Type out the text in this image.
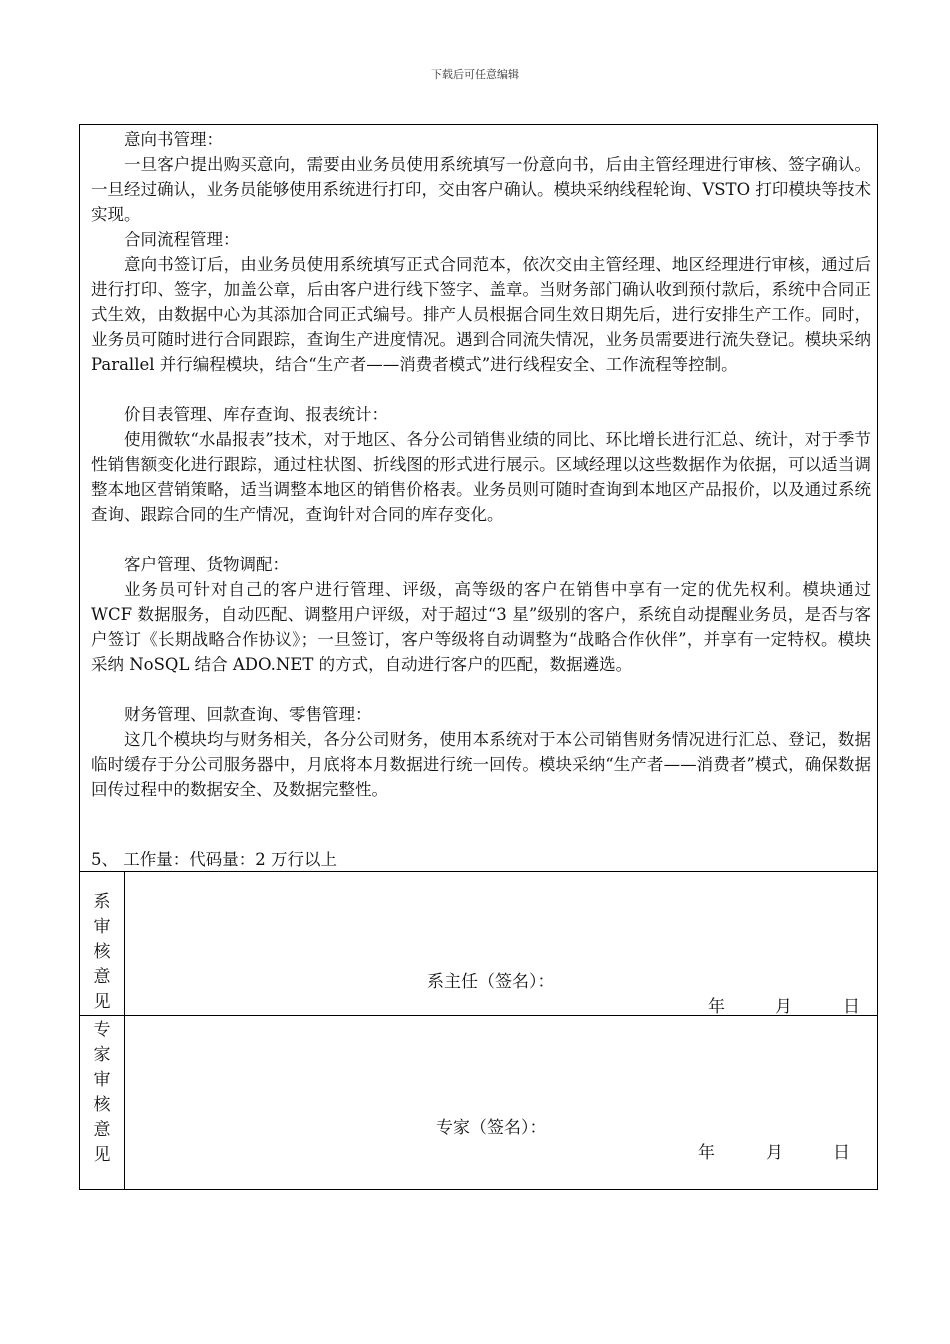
下载后可任意编辑

意向书管理：

一旦客户提出购买意向，需要由业务员使用系统填写一份意向书，后由主管经理进行审核、签字确认。一旦经过确认，业务员能够使用系统进行打印，交由客户确认。模块采纳线程轮询、VSTO 打印模块等技术实现。

合同流程管理：

意向书签订后，由业务员使用系统填写正式合同范本，依次交由主管经理、地区经理进行审核，通过后进行打印、签字，加盖公章，后由客户进行线下签字、盖章。当财务部门确认收到预付款后，系统中合同正式生效，由数据中心为其添加合同正式编号。排产人员根据合同生效日期先后，进行安排生产工作。同时，业务员可随时进行合同跟踪，查询生产进度情况。遇到合同流失情况，业务员需要进行流失登记。模块采纳 Parallel 并行编程模块，结合“生产者——消费者模式”进行线程安全、工作流程等控制。

价目表管理、库存查询、报表统计：

使用微软“水晶报表”技术，对于地区、各分公司销售业绩的同比、环比增长进行汇总、统计，对于季节性销售额变化进行跟踪，通过柱状图、折线图的形式进行展示。区域经理以这些数据作为依据，可以适当调整本地区营销策略，适当调整本地区的销售价格表。业务员则可随时查询到本地区产品报价，以及通过系统查询、跟踪合同的生产情况，查询针对合同的库存变化。

客户管理、货物调配：

业务员可针对自己的客户进行管理、评级，高等级的客户在销售中享有一定的优先权利。模块通过 WCF 数据服务，自动匹配、调整用户评级，对于超过“3 星”级别的客户，系统自动提醒业务员，是否与客户签订《长期战略合作协议》；一旦签订，客户等级将自动调整为“战略合作伙伴”，并享有一定特权。模块采纳 NoSQL 结合 ADO.NET 的方式，自动进行客户的匹配，数据遴选。

财务管理、回款查询、零售管理：

这几个模块均与财务相关，各分公司财务，使用本系统对于本公司销售财务情况进行汇总、登记，数据临时缓存于分公司服务器中，月底将本月数据进行统一回传。模块采纳“生产者——消费者”模式，确保数据回传过程中的数据安全、及数据完整性。

5、 工作量：代码量：2 万行以上

系
审
核
意
见
系主任（签名）：
年	月	日
专
家
审
核
意
见
专家（签名）：
年	月	日
